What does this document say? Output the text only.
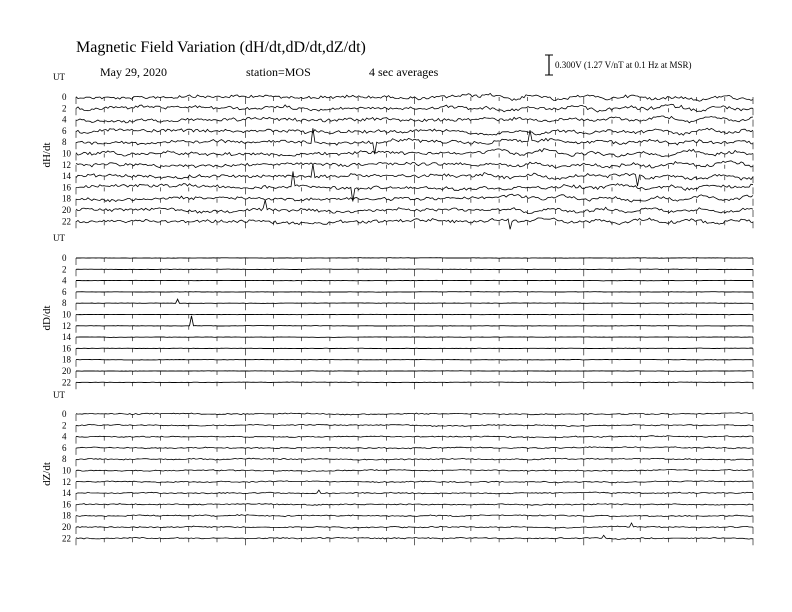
Magnetic Field Variation (dH/dt,dD/dt,dZ/dt)
May 29, 2020	station=MOS	4 sec averages	0.300V (1.27 V/nT at 0.1 Hz at MSR)
UT
dH/dt
0
2
4
6
8
10
12
14
16
18
20
22
UT
dD/dt
0
2
4
6
8
10
12
14
16
18
20
22
UT
dZ/dt
0
2
4
6
8
10
12
14
16
18
20
22
